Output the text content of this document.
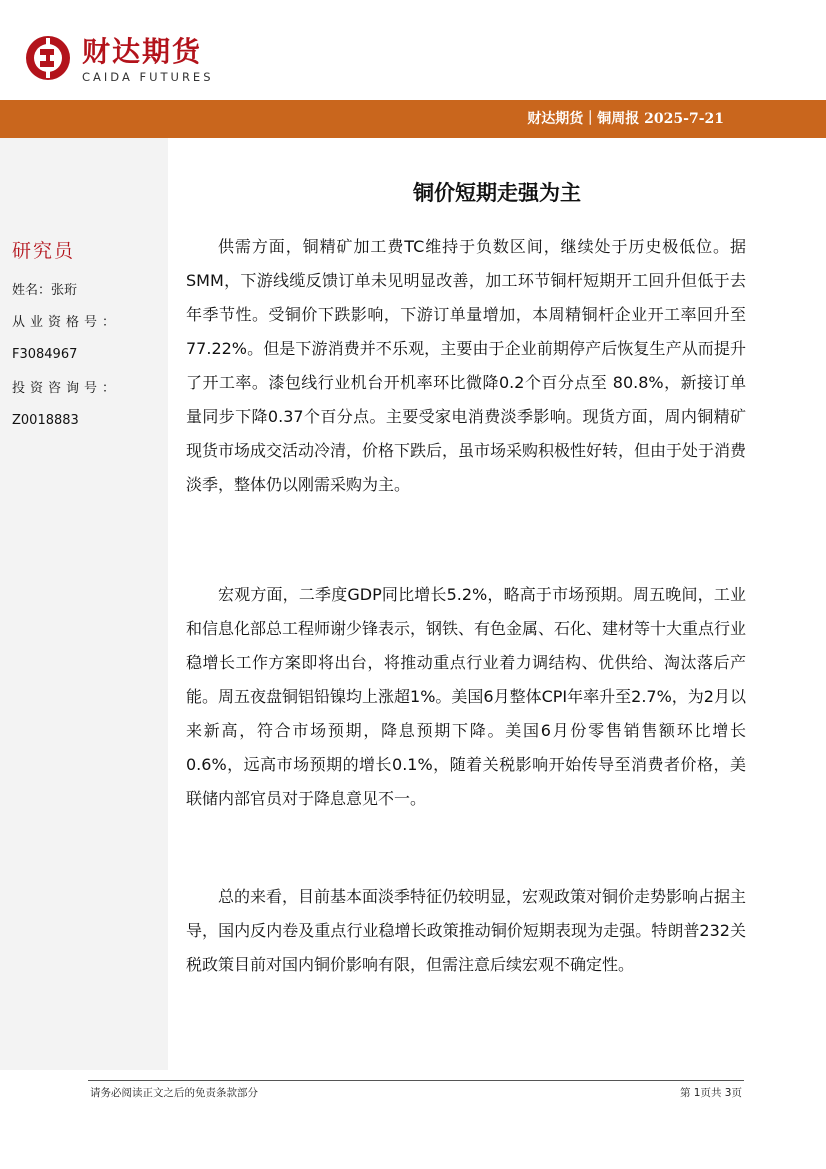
财达期货
CAIDA FUTURES
财达期货｜铜周报 2025-7-21
研究员
姓名：张珩
从业资格号：
F3084967
投资咨询号：
Z0018883
铜价短期走强为主

供需方面，铜精矿加工费TC维持于负数区间，继续处于历史极低位。据SMM，下游线缆反馈订单未见明显改善，加工环节铜杆短期开工回升但低于去年季节性。受铜价下跌影响，下游订单量增加，本周精铜杆企业开工率回升至77.22%。但是下游消费并不乐观，主要由于企业前期停产后恢复生产从而提升了开工率。漆包线行业机台开机率环比微降0.2个百分点至 80.8%，新接订单量同步下降0.37个百分点。主要受家电消费淡季影响。现货方面，周内铜精矿现货市场成交活动冷清，价格下跌后，虽市场采购积极性好转，但由于处于消费淡季，整体仍以刚需采购为主。

宏观方面，二季度GDP同比增长5.2%，略高于市场预期。周五晚间，工业和信息化部总工程师谢少锋表示，钢铁、有色金属、石化、建材等十大重点行业稳增长工作方案即将出台，将推动重点行业着力调结构、优供给、淘汰落后产能。周五夜盘铜铝铅镍均上涨超1%。美国6月整体CPI年率升至2.7%，为2月以来新高，符合市场预期，降息预期下降。美国6月份零售销售额环比增长0.6%，远高市场预期的增长0.1%，随着关税影响开始传导至消费者价格，美联储内部官员对于降息意见不一。

总的来看，目前基本面淡季特征仍较明显，宏观政策对铜价走势影响占据主导，国内反内卷及重点行业稳增长政策推动铜价短期表现为走强。特朗普232关税政策目前对国内铜价影响有限，但需注意后续宏观不确定性。

请务必阅读正文之后的免责条款部分	第 1页共 3页
